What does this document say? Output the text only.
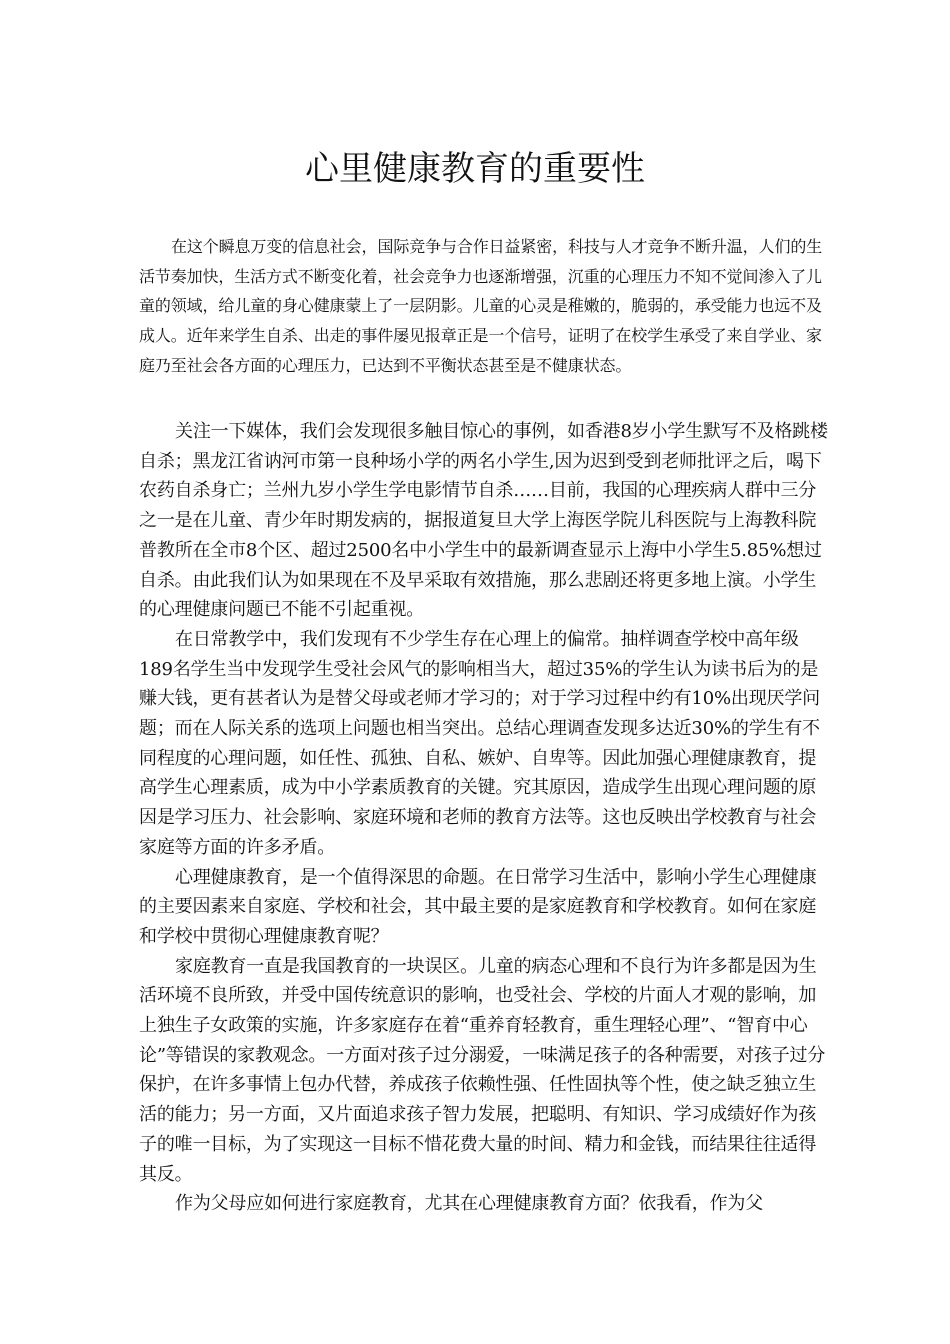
心里健康教育的重要性

在这个瞬息万变的信息社会，国际竞争与合作日益紧密，科技与人才竞争不断升温，人们的生活节奏加快，生活方式不断变化着，社会竞争力也逐渐增强，沉重的心理压力不知不觉间渗入了儿童的领域，给儿童的身心健康蒙上了一层阴影。儿童的心灵是稚嫩的，脆弱的，承受能力也远不及成人。近年来学生自杀、出走的事件屡见报章正是一个信号，证明了在校学生承受了来自学业、家庭乃至社会各方面的心理压力，已达到不平衡状态甚至是不健康状态。

关注一下媒体，我们会发现很多触目惊心的事例，如香港8岁小学生默写不及格跳楼自杀；黑龙江省讷河市第一良种场小学的两名小学生,因为迟到受到老师批评之后，喝下农药自杀身亡；兰州九岁小学生学电影情节自杀……目前，我国的心理疾病人群中三分之一是在儿童、青少年时期发病的，据报道复旦大学上海医学院儿科医院与上海教科院普教所在全市8个区、超过2500名中小学生中的最新调查显示上海中小学生5.85%想过自杀。由此我们认为如果现在不及早采取有效措施，那么悲剧还将更多地上演。小学生的心理健康问题已不能不引起重视。

在日常教学中，我们发现有不少学生存在心理上的偏常。抽样调查学校中高年级189名学生当中发现学生受社会风气的影响相当大，超过35%的学生认为读书后为的是赚大钱，更有甚者认为是替父母或老师才学习的；对于学习过程中约有10%出现厌学问题；而在人际关系的选项上问题也相当突出。总结心理调查发现多达近30%的学生有不同程度的心理问题，如任性、孤独、自私、嫉妒、自卑等。因此加强心理健康教育，提高学生心理素质，成为中小学素质教育的关键。究其原因，造成学生出现心理问题的原因是学习压力、社会影响、家庭环境和老师的教育方法等。这也反映出学校教育与社会家庭等方面的许多矛盾。

心理健康教育，是一个值得深思的命题。在日常学习生活中，影响小学生心理健康的主要因素来自家庭、学校和社会，其中最主要的是家庭教育和学校教育。如何在家庭和学校中贯彻心理健康教育呢？

家庭教育一直是我国教育的一块误区。儿童的病态心理和不良行为许多都是因为生活环境不良所致，并受中国传统意识的影响，也受社会、学校的片面人才观的影响，加上独生子女政策的实施，许多家庭存在着“重养育轻教育，重生理轻心理”、“智育中心论”等错误的家教观念。一方面对孩子过分溺爱，一味满足孩子的各种需要，对孩子过分保护，在许多事情上包办代替，养成孩子依赖性强、任性固执等个性，使之缺乏独立生活的能力；另一方面，又片面追求孩子智力发展，把聪明、有知识、学习成绩好作为孩子的唯一目标，为了实现这一目标不惜花费大量的时间、精力和金钱，而结果往往适得其反。

作为父母应如何进行家庭教育，尤其在心理健康教育方面？依我看，作为父
